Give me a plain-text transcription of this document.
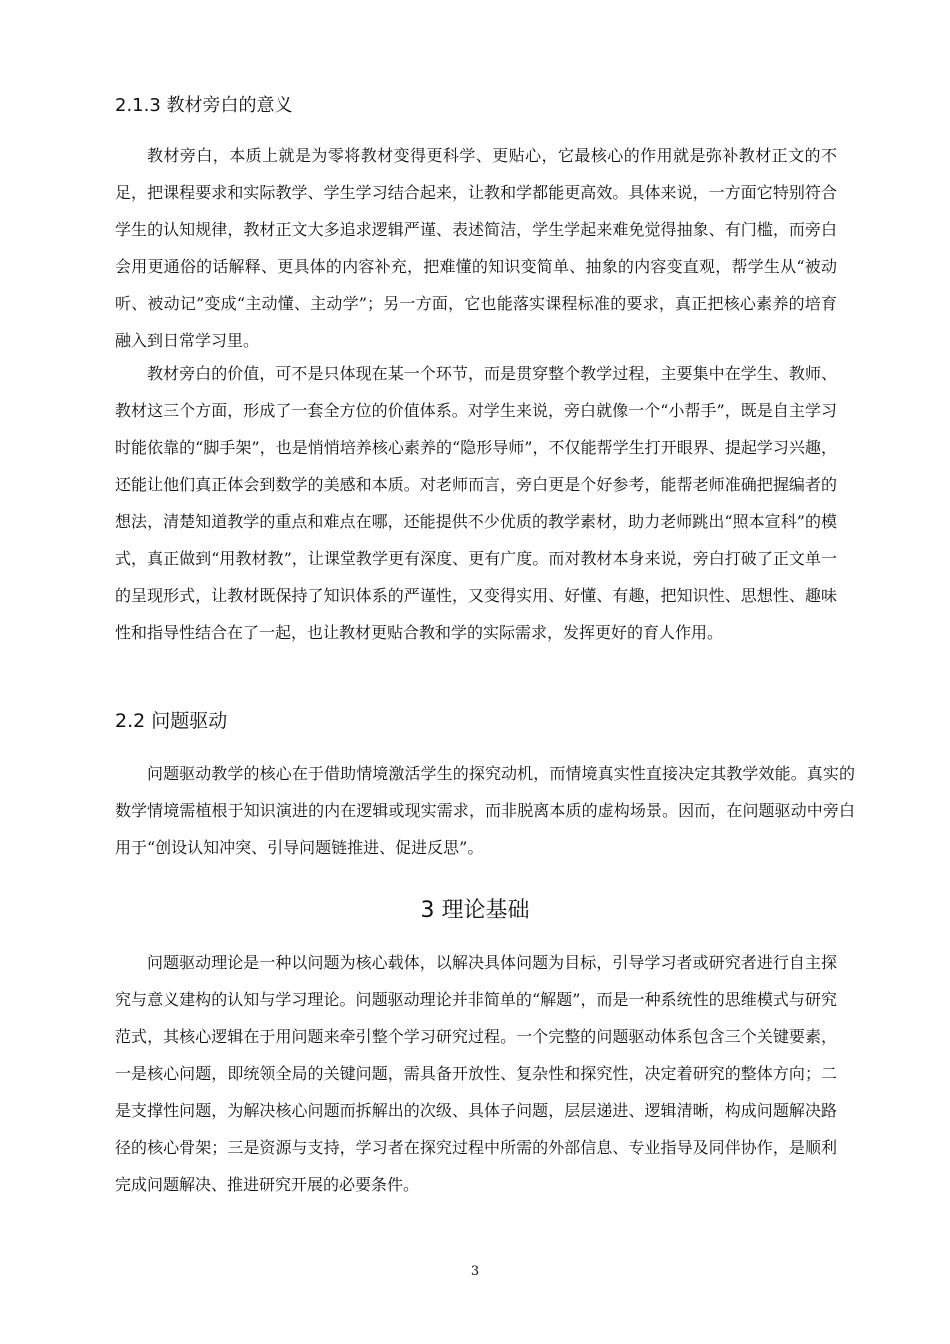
2.1.3 教材旁白的意义

教材旁白，本质上就是为零将教材变得更科学、更贴心，它最核心的作用就是弥补教材正文的不足，把课程要求和实际教学、学生学习结合起来，让教和学都能更高效。具体来说，一方面它特别符合学生的认知规律，教材正文大多追求逻辑严谨、表述简洁，学生学起来难免觉得抽象、有门槛，而旁白会用更通俗的话解释、更具体的内容补充，把难懂的知识变简单、抽象的内容变直观，帮学生从“被动听、被动记”变成“主动懂、主动学”；另一方面，它也能落实课程标准的要求，真正把核心素养的培育融入到日常学习里。

教材旁白的价值，可不是只体现在某一个环节，而是贯穿整个教学过程，主要集中在学生、教师、教材这三个方面，形成了一套全方位的价值体系。对学生来说，旁白就像一个“小帮手”，既是自主学习时能依靠的“脚手架”，也是悄悄培养核心素养的“隐形导师”，不仅能帮学生打开眼界、提起学习兴趣，还能让他们真正体会到数学的美感和本质。对老师而言，旁白更是个好参考，能帮老师准确把握编者的想法，清楚知道教学的重点和难点在哪，还能提供不少优质的教学素材，助力老师跳出“照本宣科”的模式，真正做到“用教材教”，让课堂教学更有深度、更有广度。而对教材本身来说，旁白打破了正文单一的呈现形式，让教材既保持了知识体系的严谨性，又变得实用、好懂、有趣，把知识性、思想性、趣味性和指导性结合在了一起，也让教材更贴合教和学的实际需求，发挥更好的育人作用。

2.2 问题驱动

问题驱动教学的核心在于借助情境激活学生的探究动机，而情境真实性直接决定其教学效能。真实的数学情境需植根于知识演进的内在逻辑或现实需求，而非脱离本质的虚构场景。因而，在问题驱动中旁白用于“创设认知冲突、引导问题链推进、促进反思”。

3 理论基础

问题驱动理论是一种以问题为核心载体，以解决具体问题为目标，引导学习者或研究者进行自主探究与意义建构的认知与学习理论。问题驱动理论并非简单的“解题”，而是一种系统性的思维模式与研究范式，其核心逻辑在于用问题来牵引整个学习研究过程。一个完整的问题驱动体系包含三个关键要素，一是核心问题，即统领全局的关键问题，需具备开放性、复杂性和探究性，决定着研究的整体方向；二是支撑性问题，为解决核心问题而拆解出的次级、具体子问题，层层递进、逻辑清晰，构成问题解决路径的核心骨架；三是资源与支持，学习者在探究过程中所需的外部信息、专业指导及同伴协作，是顺利完成问题解决、推进研究开展的必要条件。

3
